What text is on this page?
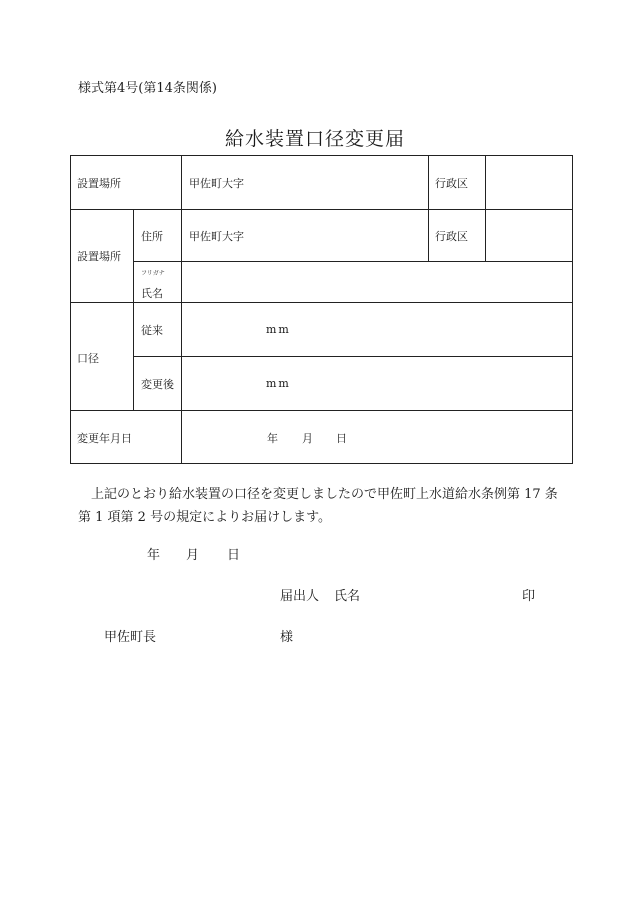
様式第4号(第14条関係)
給水装置口径変更届
設置場所	甲佐町大字	行政区
設置場所
住所 甲佐町大字	行政区
フリガナ
氏名
口径
従来	mm
変更後	mm
変更年月日	年 月 日
上記のとおり給水装置の口径を変更しましたので甲佐町上水道給水条例第 17 条
第 1 項第 2 号の規定によりお届けします。
年 月 日
届出人 氏名	印
甲佐町長	様
